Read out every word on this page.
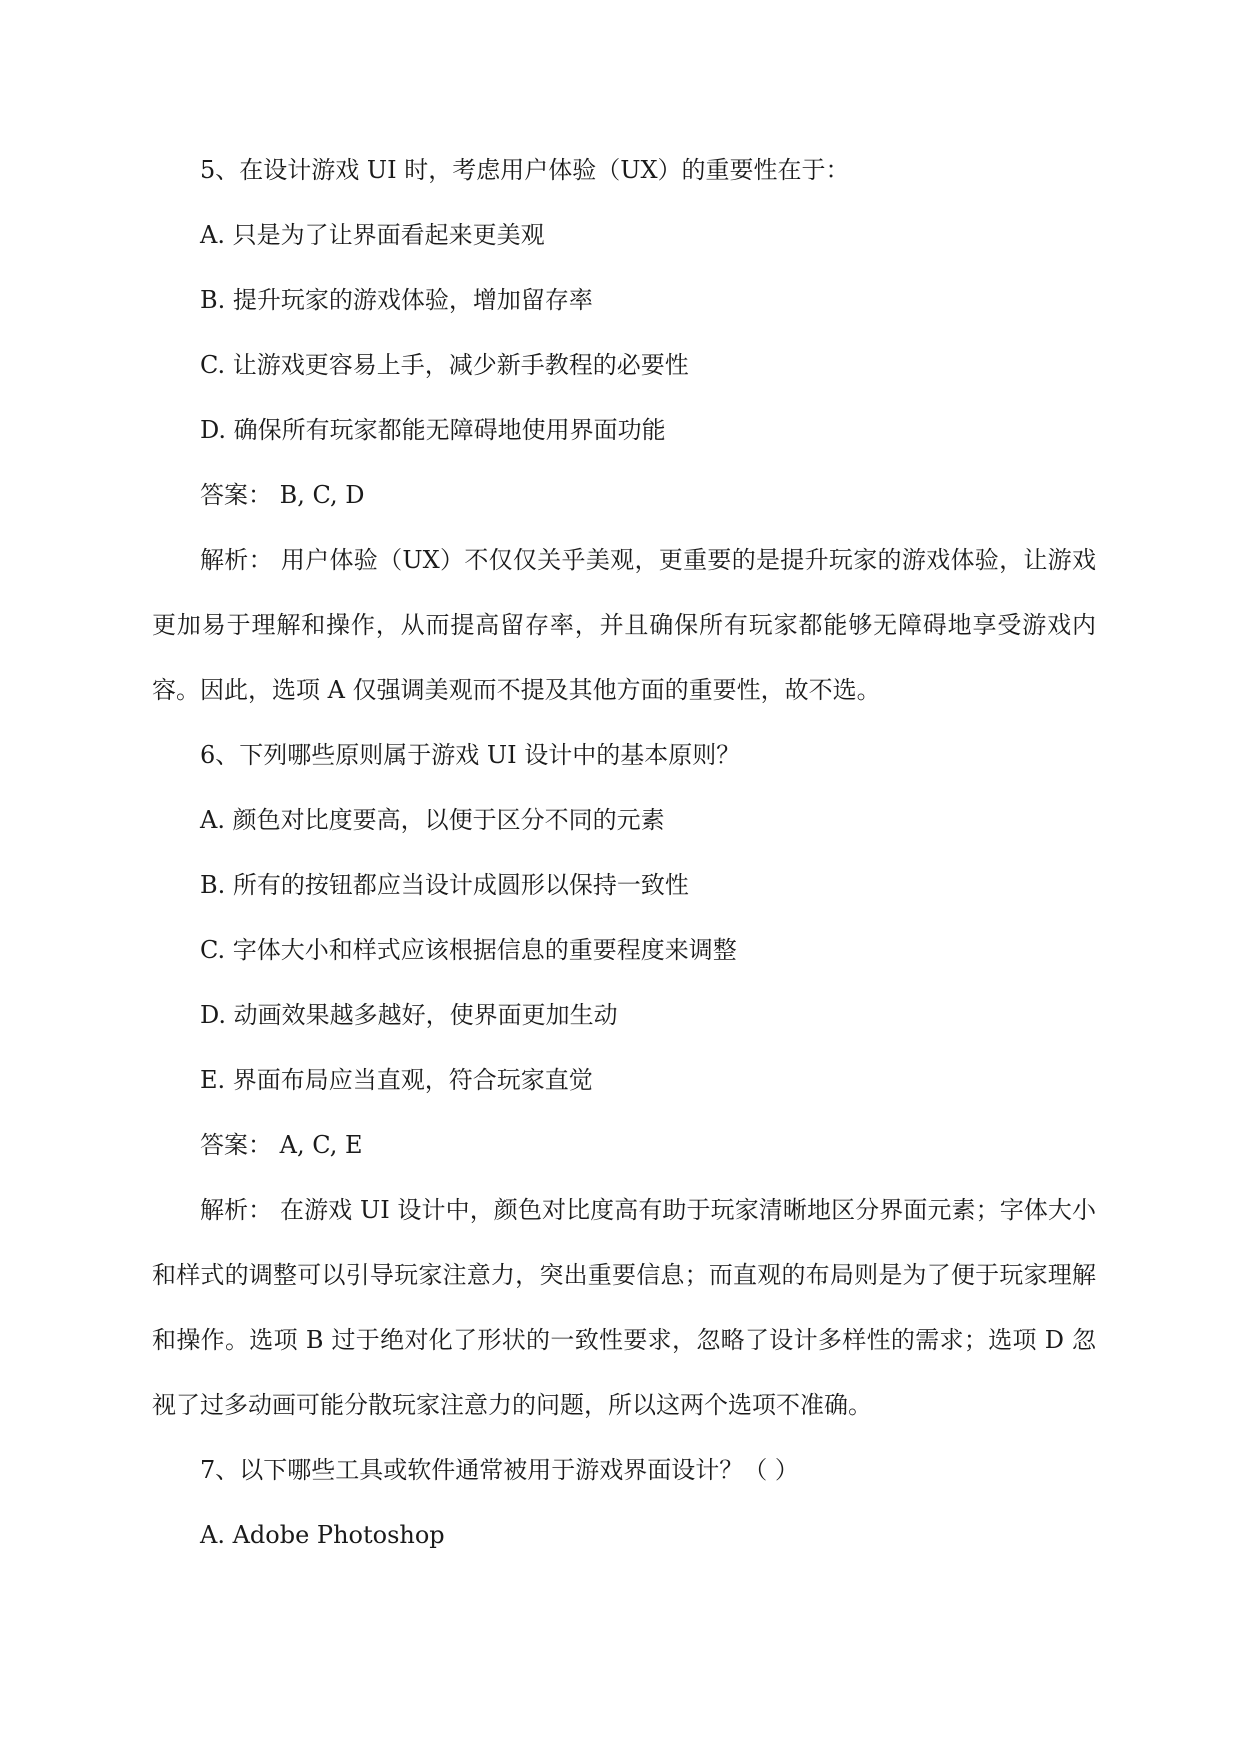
5、在设计游戏 UI 时，考虑用户体验（UX）的重要性在于：
A. 只是为了让界面看起来更美观
B. 提升玩家的游戏体验，增加留存率
C. 让游戏更容易上手，减少新手教程的必要性
D. 确保所有玩家都能无障碍地使用界面功能
答案： B, C, D

解析： 用户体验（UX）不仅仅关乎美观，更重要的是提升玩家的游戏体验，让游戏更加易于理解和操作，从而提高留存率，并且确保所有玩家都能够无障碍地享受游戏内容。因此，选项 A 仅强调美观而不提及其他方面的重要性，故不选。

6、下列哪些原则属于游戏 UI 设计中的基本原则？
A. 颜色对比度要高，以便于区分不同的元素
B. 所有的按钮都应当设计成圆形以保持一致性
C. 字体大小和样式应该根据信息的重要程度来调整
D. 动画效果越多越好，使界面更加生动
E. 界面布局应当直观，符合玩家直觉
答案： A, C, E

解析： 在游戏 UI 设计中，颜色对比度高有助于玩家清晰地区分界面元素；字体大小和样式的调整可以引导玩家注意力，突出重要信息；而直观的布局则是为了便于玩家理解和操作。选项 B 过于绝对化了形状的一致性要求，忽略了设计多样性的需求；选项 D 忽视了过多动画可能分散玩家注意力的问题，所以这两个选项不准确。

7、以下哪些工具或软件通常被用于游戏界面设计？（ ）
A. Adobe Photoshop
